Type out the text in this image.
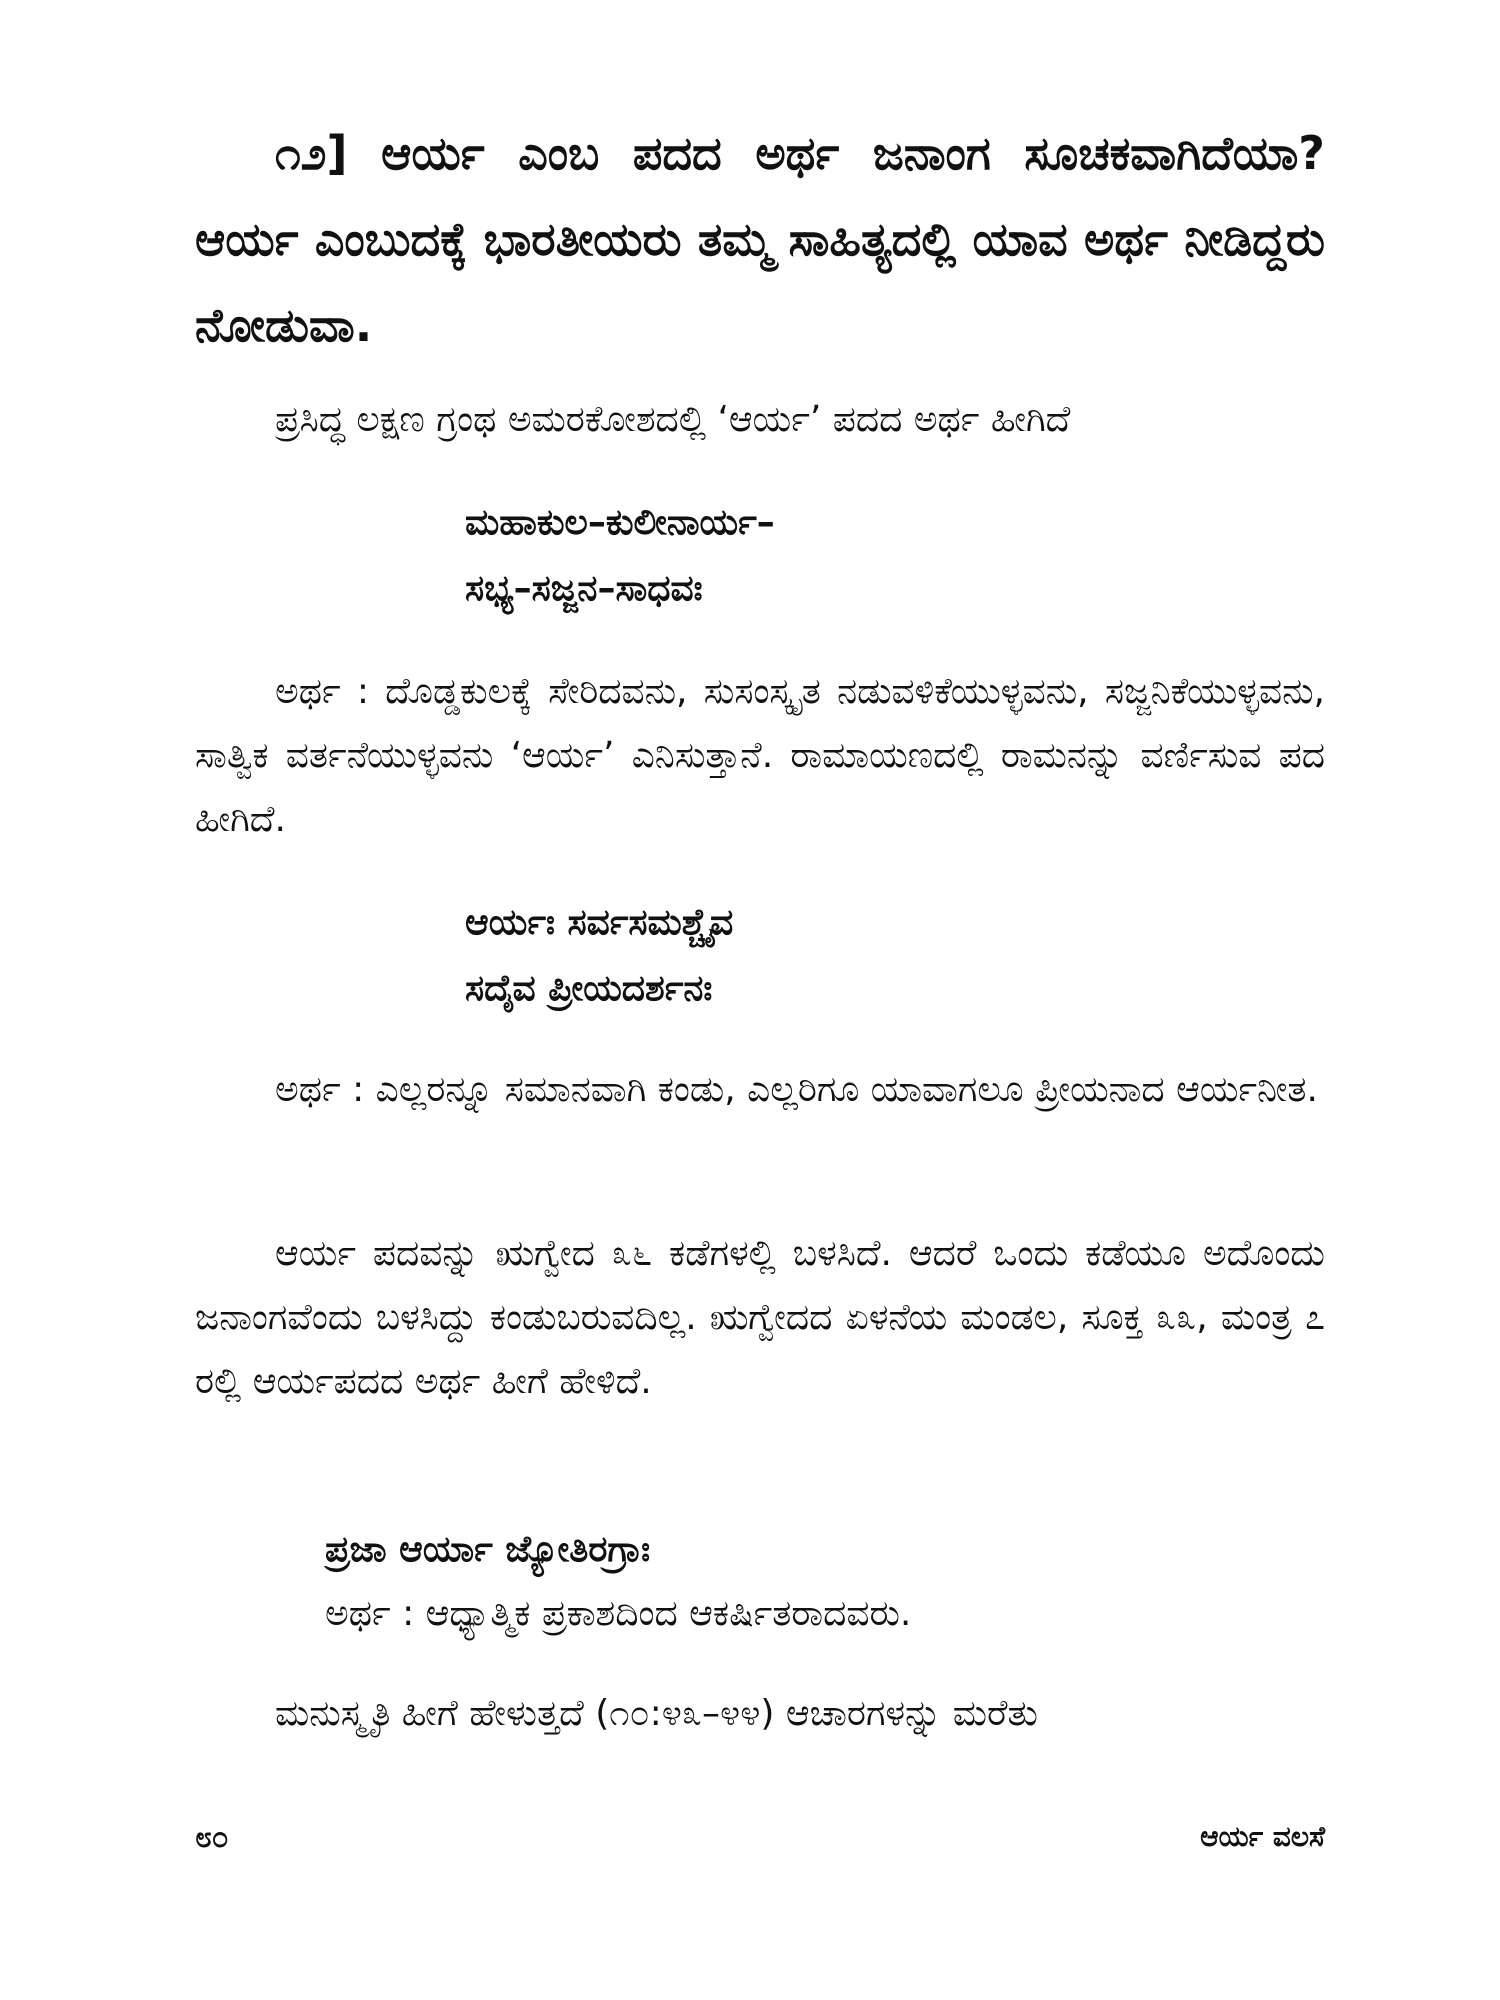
೧೨] ಆರ್ಯ ಎಂಬ ಪದದ ಅರ್ಥ ಜನಾಂಗ ಸೂಚಕವಾಗಿದೆಯಾ? ಆರ್ಯ ಎಂಬುದಕ್ಕೆ ಭಾರತೀಯರು ತಮ್ಮ ಸಾಹಿತ್ಯದಲ್ಲಿ ಯಾವ ಅರ್ಥ ನೀಡಿದ್ದರು ನೋಡುವಾ.
ಪ್ರಸಿದ್ಧ ಲಕ್ಷಣ ಗ್ರಂಥ ಅಮರಕೋಶದಲ್ಲಿ ‘ಆರ್ಯ’ ಪದದ ಅರ್ಥ ಹೀಗಿದೆ
ಮಹಾಕುಲ–ಕುಲೀನಾರ್ಯ–
ಸಭ್ಯ–ಸಜ್ಜನ–ಸಾಧವಃ
ಅರ್ಥ : ದೊಡ್ಡಕುಲಕ್ಕೆ ಸೇರಿದವನು, ಸುಸಂಸ್ಕೃತ ನಡುವಳಿಕೆಯುಳ್ಳವನು, ಸಜ್ಜನಿಕೆಯುಳ್ಳವನು, ಸಾತ್ವಿಕ ವರ್ತನೆಯುಳ್ಳವನು ‘ಆರ್ಯ’ ಎನಿಸುತ್ತಾನೆ. ರಾಮಾಯಣದಲ್ಲಿ ರಾಮನನ್ನು ವರ್ಣಿಸುವ ಪದ ಹೀಗಿದೆ.
ಆರ್ಯಃ ಸರ್ವಸಮಶ್ಚೈವ
ಸದೈವ ಪ್ರೀಯದರ್ಶನಃ
ಅರ್ಥ : ಎಲ್ಲರನ್ನೂ ಸಮಾನವಾಗಿ ಕಂಡು, ಎಲ್ಲರಿಗೂ ಯಾವಾಗಲೂ ಪ್ರೀಯನಾದ ಆರ್ಯನೀತ.
ಆರ್ಯ ಪದವನ್ನು ಋಗ್ವೇದ ೩೬ ಕಡೆಗಳಲ್ಲಿ ಬಳಸಿದೆ. ಆದರೆ ಒಂದು ಕಡೆಯೂ ಅದೊಂದು ಜನಾಂಗವೆಂದು ಬಳಸಿದ್ದು ಕಂಡುಬರುವದಿಲ್ಲ. ಋಗ್ವೇದದ ಏಳನೆಯ ಮಂಡಲ, ಸೂಕ್ತ ೩೩, ಮಂತ್ರ ೭ ರಲ್ಲಿ ಆರ್ಯಪದದ ಅರ್ಥ ಹೀಗೆ ಹೇಳಿದೆ.
ಪ್ರಜಾ ಆರ್ಯಾ ಜ್ಯೋತಿರಗ್ರಾಃ
ಅರ್ಥ : ಆಧ್ಯಾತ್ಮಿಕ ಪ್ರಕಾಶದಿಂದ ಆಕರ್ಷಿತರಾದವರು.
ಮನುಸ್ಮೃತಿ ಹೀಗೆ ಹೇಳುತ್ತದೆ (೧೦:೪೩–೪೪) ಆಚಾರಗಳನ್ನು ಮರೆತು
೮೦	ಆರ್ಯ ವಲಸೆ
